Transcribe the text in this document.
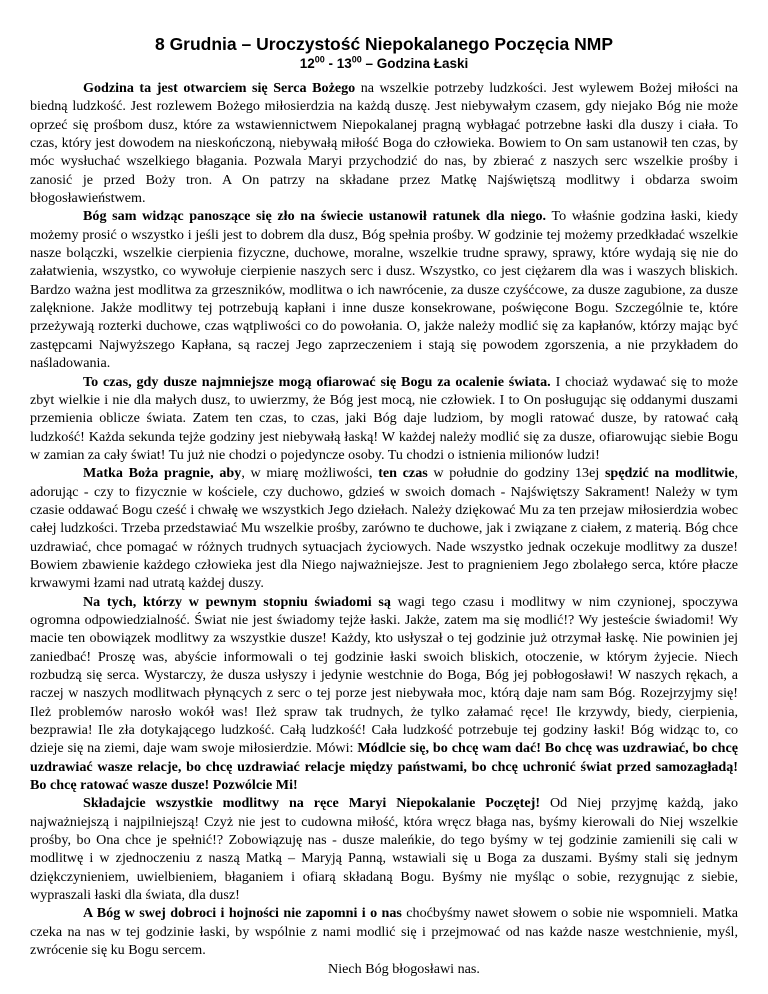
8 Grudnia – Uroczystość Niepokalanego Poczęcia NMP
$12^{00} - 13^{00}$ – Godzina Łaski

Godzina ta jest otwarciem się Serca Bożego na wszelkie potrzeby ludzkości. Jest wylewem Bożej miłości na biedną ludzkość. Jest rozlewem Bożego miłosierdzia na każdą duszę. Jest niebywałym czasem, gdy niejako Bóg nie może oprzeć się prośbom dusz, które za wstawiennictwem Niepokalanej pragną wybłagać potrzebne łaski dla duszy i ciała. To czas, który jest dowodem na nieskończoną, niebywałą miłość Boga do człowieka. Bowiem to On sam ustanowił ten czas, by móc wysłuchać wszelkiego błagania. Pozwala Maryi przychodzić do nas, by zbierać z naszych serc wszelkie prośby i zanosić je przed Boży tron. A On patrzy na składane przez Matkę Najświętszą modlitwy i obdarza swoim błogosławieństwem.

Bóg sam widząc panoszące się zło na świecie ustanowił ratunek dla niego. To właśnie godzina łaski, kiedy możemy prosić o wszystko i jeśli jest to dobrem dla dusz, Bóg spełnia prośby. W godzinie tej możemy przedkładać wszelkie nasze bolączki, wszelkie cierpienia fizyczne, duchowe, moralne, wszelkie trudne sprawy, sprawy, które wydają się nie do załatwienia, wszystko, co wywołuje cierpienie naszych serc i dusz. Wszystko, co jest ciężarem dla was i waszych bliskich. Bardzo ważna jest modlitwa za grzeszników, modlitwa o ich nawrócenie, za dusze czyśćcowe, za dusze zagubione, za dusze zalęknione. Jakże modlitwy tej potrzebują kapłani i inne dusze konsekrowane, poświęcone Bogu. Szczególnie te, które przeżywają rozterki duchowe, czas wątpliwości co do powołania. O, jakże należy modlić się za kapłanów, którzy mając być zastępcami Najwyższego Kapłana, są raczej Jego zaprzeczeniem i stają się powodem zgorszenia, a nie przykładem do naśladowania.

To czas, gdy dusze najmniejsze mogą ofiarować się Bogu za ocalenie świata. I chociaż wydawać się to może zbyt wielkie i nie dla małych dusz, to uwierzmy, że Bóg jest mocą, nie człowiek. I to On posługując się oddanymi duszami przemienia oblicze świata. Zatem ten czas, to czas, jaki Bóg daje ludziom, by mogli ratować dusze, by ratować całą ludzkość! Każda sekunda tejże godziny jest niebywałą łaską! W każdej należy modlić się za dusze, ofiarowując siebie Bogu w zamian za cały świat! Tu już nie chodzi o pojedyncze osoby. Tu chodzi o istnienia milionów ludzi!

Matka Boża pragnie, aby, w miarę możliwości, ten czas w południe do godziny 13ej spędzić na modlitwie, adorując - czy to fizycznie w kościele, czy duchowo, gdzieś w swoich domach - Najświętszy Sakrament! Należy w tym czasie oddawać Bogu cześć i chwałę we wszystkich Jego dziełach. Należy dziękować Mu za ten przejaw miłosierdzia wobec całej ludzkości. Trzeba przedstawiać Mu wszelkie prośby, zarówno te duchowe, jak i związane z ciałem, z materią. Bóg chce uzdrawiać, chce pomagać w różnych trudnych sytuacjach życiowych. Nade wszystko jednak oczekuje modlitwy za dusze! Bowiem zbawienie każdego człowieka jest dla Niego najważniejsze. Jest to pragnieniem Jego zbolałego serca, które płacze krwawymi łzami nad utratą każdej duszy.

Na tych, którzy w pewnym stopniu świadomi są wagi tego czasu i modlitwy w nim czynionej, spoczywa ogromna odpowiedzialność. Świat nie jest świadomy tejże łaski. Jakże, zatem ma się modlić!? Wy jesteście świadomi! Wy macie ten obowiązek modlitwy za wszystkie dusze! Każdy, kto usłyszał o tej godzinie już otrzymał łaskę. Nie powinien jej zaniedbać! Proszę was, abyście informowali o tej godzinie łaski swoich bliskich, otoczenie, w którym żyjecie. Niech rozbudzą się serca. Wystarczy, że dusza usłyszy i jedynie westchnie do Boga, Bóg jej pobłogosławi! W naszych rękach, a raczej w naszych modlitwach płynących z serc o tej porze jest niebywała moc, którą daje nam sam Bóg. Rozejrzyjmy się! Ileż problemów narosło wokół was! Ileż spraw tak trudnych, że tylko załamać ręce! Ile krzywdy, biedy, cierpienia, bezprawia! Ile zła dotykającego ludzkość. Całą ludzkość! Cała ludzkość potrzebuje tej godziny łaski! Bóg widząc to, co dzieje się na ziemi, daje wam swoje miłosierdzie. Mówi: Módlcie się, bo chcę wam dać! Bo chcę was uzdrawiać, bo chcę uzdrawiać wasze relacje, bo chcę uzdrawiać relacje między państwami, bo chcę uchronić świat przed samozagładą! Bo chcę ratować wasze dusze! Pozwólcie Mi!

Składajcie wszystkie modlitwy na ręce Maryi Niepokalanie Poczętej! Od Niej przyjmę każdą, jako najważniejszą i najpilniejszą! Czyż nie jest to cudowna miłość, która wręcz błaga nas, byśmy kierowali do Niej wszelkie prośby, bo Ona chce je spełnić!? Zobowiązuję nas - dusze maleńkie, do tego byśmy w tej godzinie zamienili się cali w modlitwę i w zjednoczeniu z naszą Matką – Maryją Panną, wstawiali się u Boga za duszami. Byśmy stali się jednym dziękczynieniem, uwielbieniem, błaganiem i ofiarą składaną Bogu. Byśmy nie myśląc o sobie, rezygnując z siebie, wypraszali łaski dla świata, dla dusz!

A Bóg w swej dobroci i hojności nie zapomni i o nas choćbyśmy nawet słowem o sobie nie wspomnieli. Matka czeka na nas w tej godzinie łaski, by wspólnie z nami modlić się i przejmować od nas każde nasze westchnienie, myśl, zwrócenie się ku Bogu sercem.

Niech Bóg błogosławi nas.
